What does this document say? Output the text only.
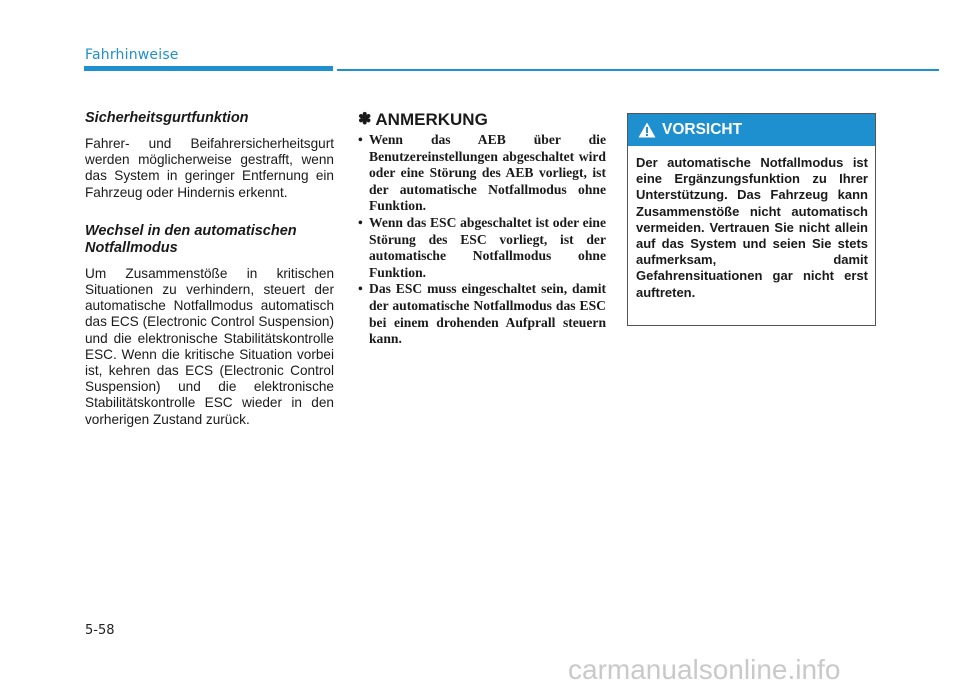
Fahrhinweise
Sicherheitsgurtfunktion

Fahrer- und Beifahrersicherheitsgurt werden möglicherweise gestrafft, wenn das System in geringer Entfernung ein Fahrzeug oder Hindernis erkennt.

Wechsel in den automatischen Notfallmodus

Um Zusammenstöße in kritischen Situationen zu verhindern, steuert der automatische Notfallmodus automatisch das ECS (Electronic Control Suspension) und die elektronische Stabilitätskontrolle ESC. Wenn die kritische Situation vorbei ist, kehren das ECS (Electronic Control Suspension) und die elektronische Stabilitätskontrolle ESC wieder in den vorherigen Zustand zurück.

✽ ANMERKUNG
• Wenn das AEB über die Benutzereinstellungen abgeschaltet wird oder eine Störung des AEB vorliegt, ist der automatische Notfallmodus ohne Funktion.
• Wenn das ESC abgeschaltet ist oder eine Störung des ESC vorliegt, ist der automatische Notfallmodus ohne Funktion.
• Das ESC muss eingeschaltet sein, damit der automatische Notfallmodus das ESC bei einem drohenden Aufprall steuern kann.
VORSICHT
Der automatische Notfallmodus ist eine Ergänzungsfunktion zu Ihrer Unterstützung. Das Fahrzeug kann Zusammenstöße nicht automatisch vermeiden. Vertrauen Sie nicht allein auf das System und seien Sie stets aufmerksam, damit Gefahrensituationen gar nicht erst auftreten.
5-58
carmanualsonline.info
